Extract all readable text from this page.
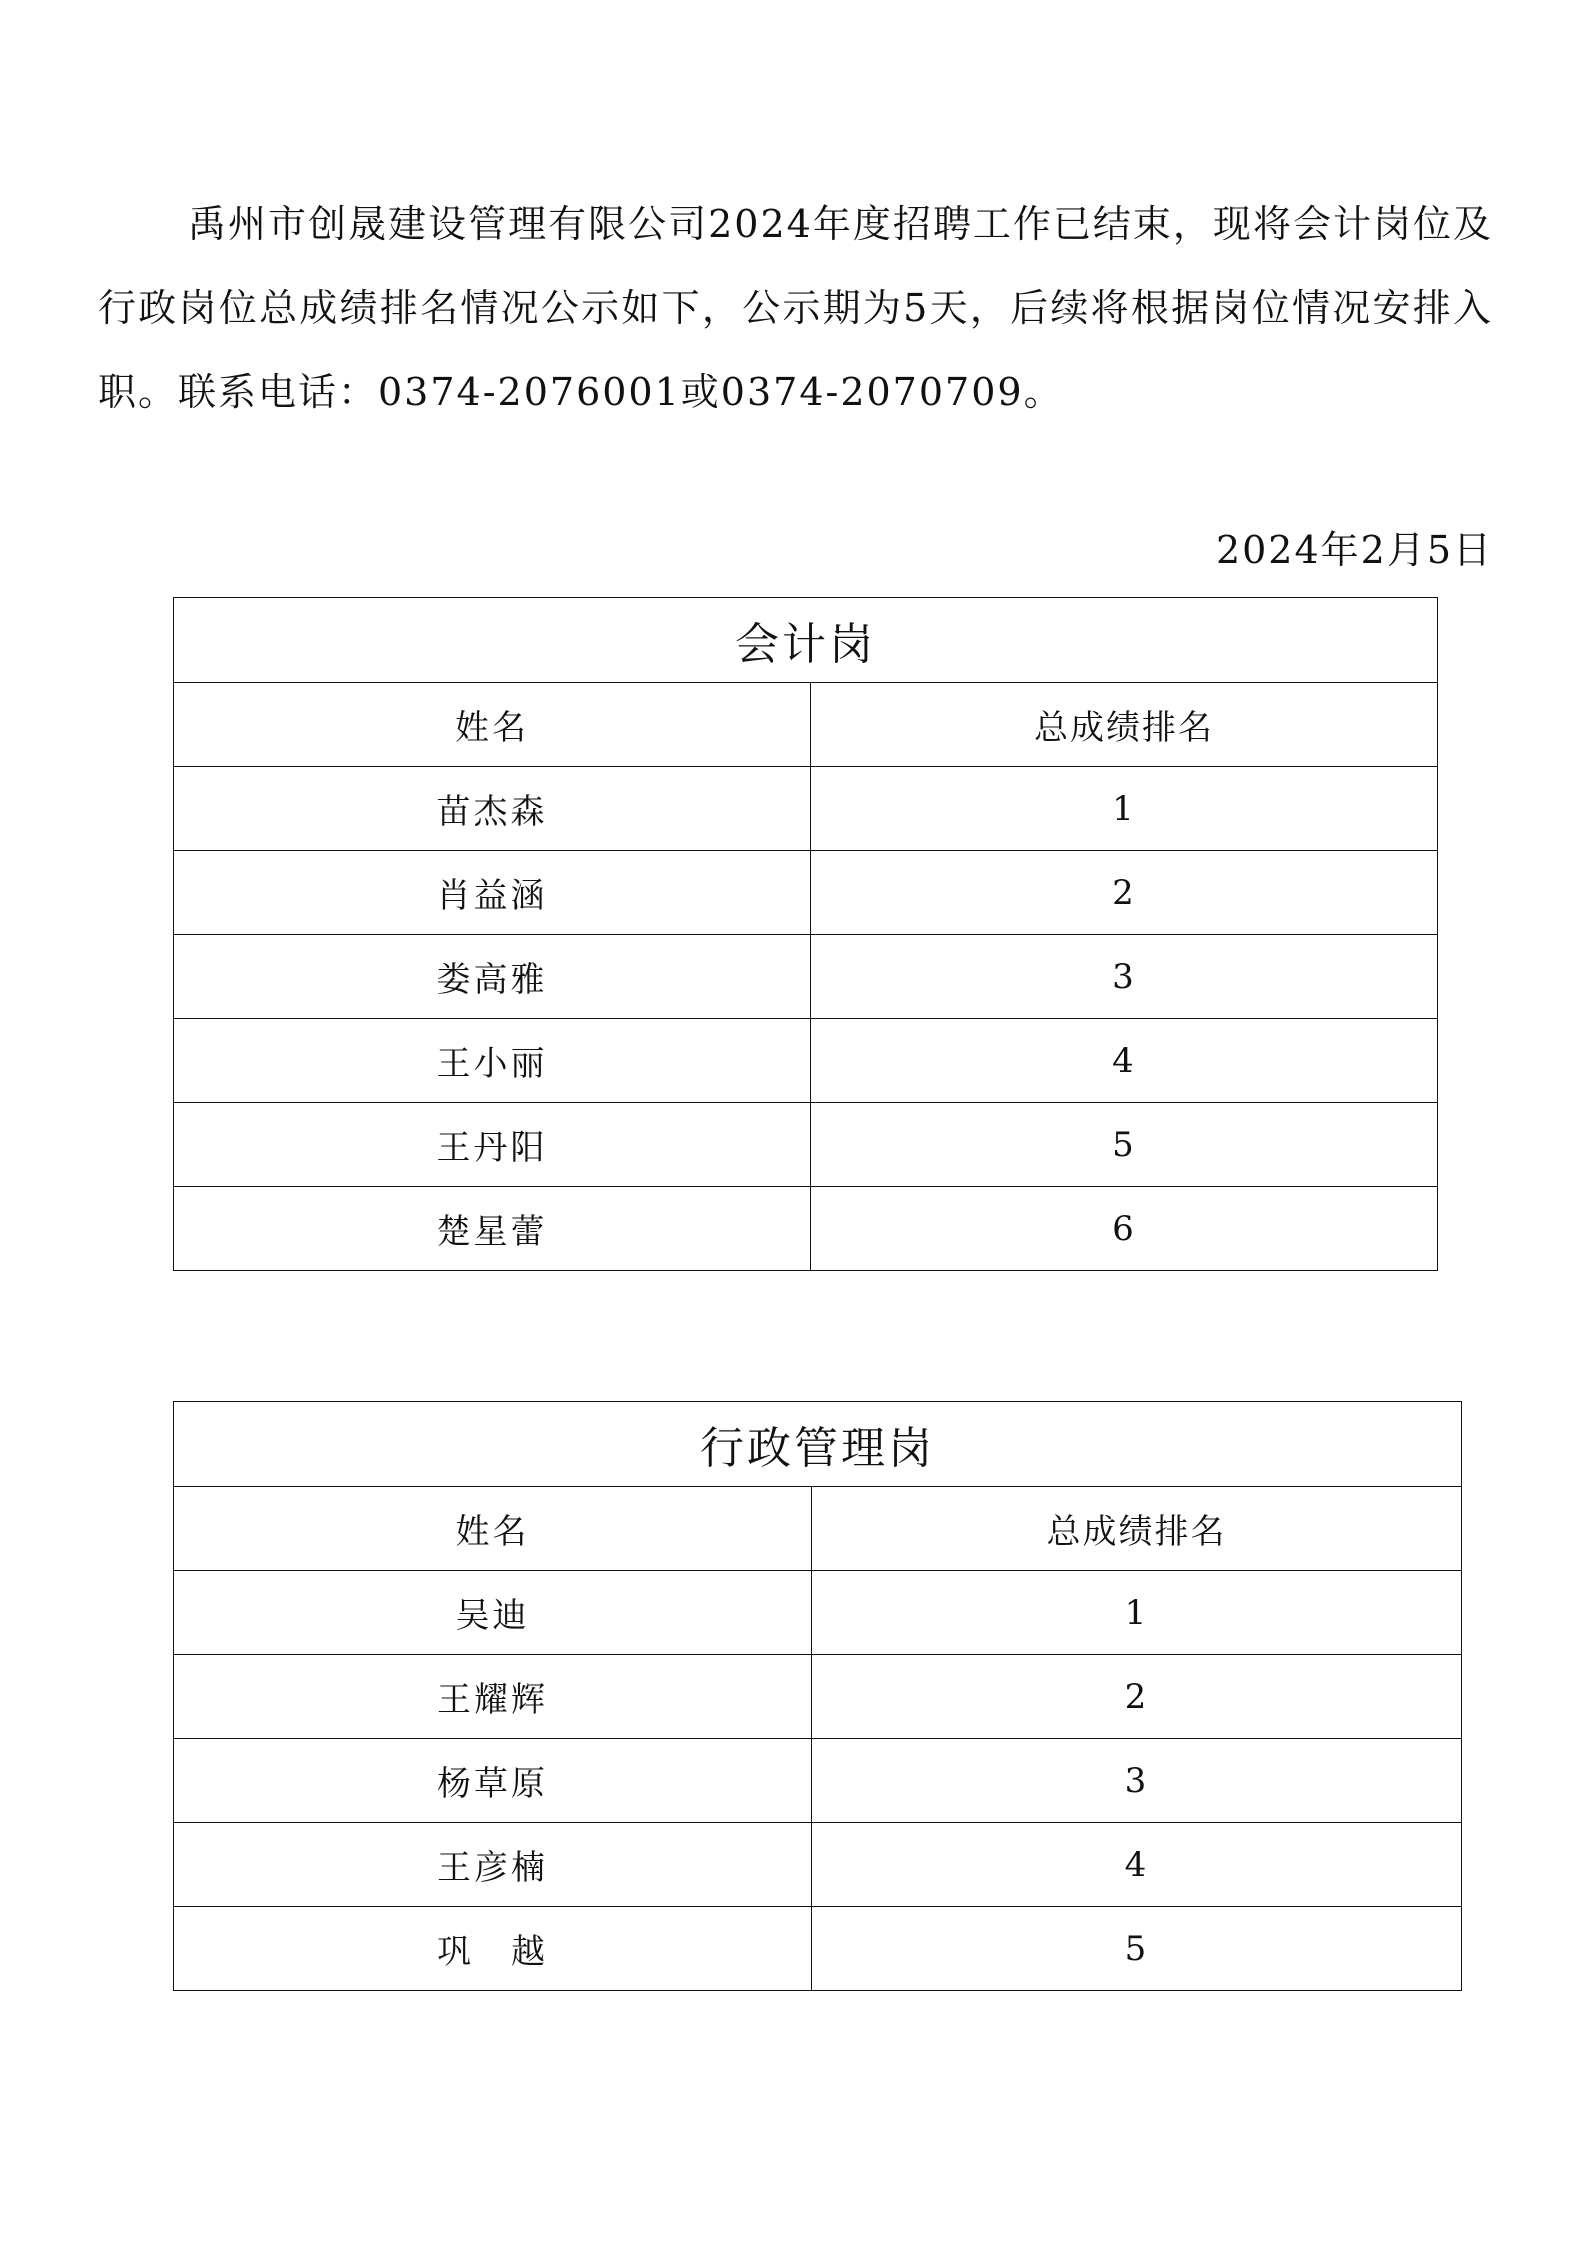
禹州市创晟建设管理有限公司2024年度招聘工作已结束，现将会计岗位及行政岗位总成绩排名情况公示如下，公示期为5天，后续将根据岗位情况安排入职。联系电话：0374-2076001或0374-2070709。

2024年2月5日

会计岗	
姓名	总成绩排名
苗杰森	1
肖益涵	2
娄高雅	3
王小丽	4
王丹阳	5
楚星蕾	6
行政管理岗	
姓名	总成绩排名
吴迪	1
王耀辉	2
杨草原	3
王彦楠	4
巩　越	5
